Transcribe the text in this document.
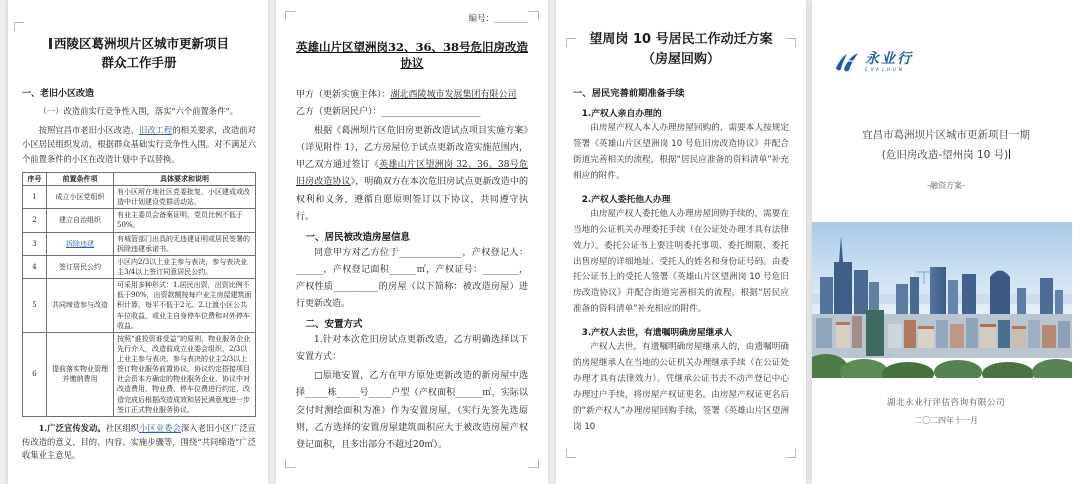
西陵区葛洲坝片区城市更新项目
群众工作手册
一、老旧小区改造

（一）改造前实行竞争性入围，落实“六个前置条件”。

按照宜昌市老旧小区改造、旧改工程的相关要求，改造前对小区居民组织发动，根据群众基础实行竞争性入围。对不满足六个前置条件的小区在改造计划中予以替换。

序号	前置条件项	具体要求和说明
1	成立小区党组织	有小区所在地社区党委批复，小区建成或改造中计划建设党群活动站。
2	建立自治组织	有业主委员会备案证明，党员比例不低于50%。
3	拆除违建	有城管部门出具的无违建证明或居民签署的拆除违建承诺书。
4	签订居民公约	小区内2/3以上业主参与表决，参与表决业主3/4以上签订同意居民公约。
5	共同缔造参与改造	可采用多种形式：1.居民出资，出资比例不低于90%，出资款额按每户业主房屋建筑面积计算，每平不低于2元。2.让渡小区公共车位收益，或业主自身停车位费和对外停车收益。
6	提前落实物业管理并缴纳费用	按照“谁投资谁受益”的原则，物业服务企业先行介入，改造前成立业委会组织，2/3以上业主参与表决，参与表决的业主2/3以上签订物业服务前置协议，协议约定搭接项目社会资本方确定的物业服务企业，协议中对改造费用、物业费、停车位费进行约定，改造完成后根据改造成效和居民满意度进一步签订正式物业服务协议。

1.广泛宣传发动。社区组织小区业委会深入老旧小区广泛宣传改造的意义、目的、内容、实施步骤等，围绕“共同缔造”广泛收集业主意见。

编号：________
英雄山片区望洲岗32、36、38号危旧房改造协议
甲方（更新实施主体）：湖北西陵城市发展集团有限公司
乙方（更新居民户）：______________________

根据《葛洲坝片区危旧房更新改造试点项目实施方案》（详见附件 1），乙方房屋位于试点更新改造实施范围内，甲乙双方通过签订《英雄山片区望洲岗 32、36、38号危旧房改造协议》，明确双方在本次危旧房试点更新改造中的权利和义务，遵循自愿原则签订以下协议，共同遵守执行。

一、居民被改造房屋信息

同意甲方对乙方位于______________，产权登记人：______，产权登记面积______㎡，产权证号：________，产权性质__________的房屋（以下简称：被改造房屋）进行更新改造。

二、安置方式

1.针对本次危旧房试点更新改造，乙方明确选择以下安置方式：

□原地安置，乙方在甲方原处更新改造的新房屋中选择_____栋_____号_____户型（产权面积______㎡，实际以交付时测绘面积为准）作为安置房屋，（实行先签先选原则，乙方选择的安置房屋建筑面积应大于被改造房屋产权登记面积，且多出部分不超过20㎡）。

望周岗 10 号居民工作动迁方案
（房屋回购）
一、居民完善前期准备手续
1.产权人亲自办理的

由房屋产权人本人办理房屋回购的，需要本人按规定签署《英雄山片区望洲岗 10 号危旧房改造协议》并配合街道完善相关的流程，根据“居民应准备的资料清单”补充相应的附件。

2.产权人委托他人办理

由房屋产权人委托他人办理房屋回购手续的，需要在当地的公证机关办理委托手续（在公证处办理才具有法律效力）。委托公证书上要注明委托事项、委托期限、委托出售房屋的详细地址、受托人的姓名和身份证号码。由委托公证书上的受托人签署《英雄山片区望洲岗 10 号危旧房改造协议》并配合街道完善相关的流程，根据“居民应准备的资料清单”补充相应的附件。

3.产权人去世，有遗嘱明确房屋继承人

产权人去世，有遗嘱明确房屋继承人的，由遗嘱明确的房屋继承人在当地的公证机关办理继承手续（在公证处办理才具有法律效力）。凭继承公证书去不动产登记中心办理过户手续，将房屋产权证更名。由房屋产权证更名后的“新产权人”办理房屋回购手续，签署《英雄山片区望洲岗 10

永业行
EVALHUN
宜昌市葛洲坝片区城市更新项目一期
(危旧房改造-望州岗 10 号)
-融资方案-
湖北永业行评估咨询有限公司
二〇二四年十一月
